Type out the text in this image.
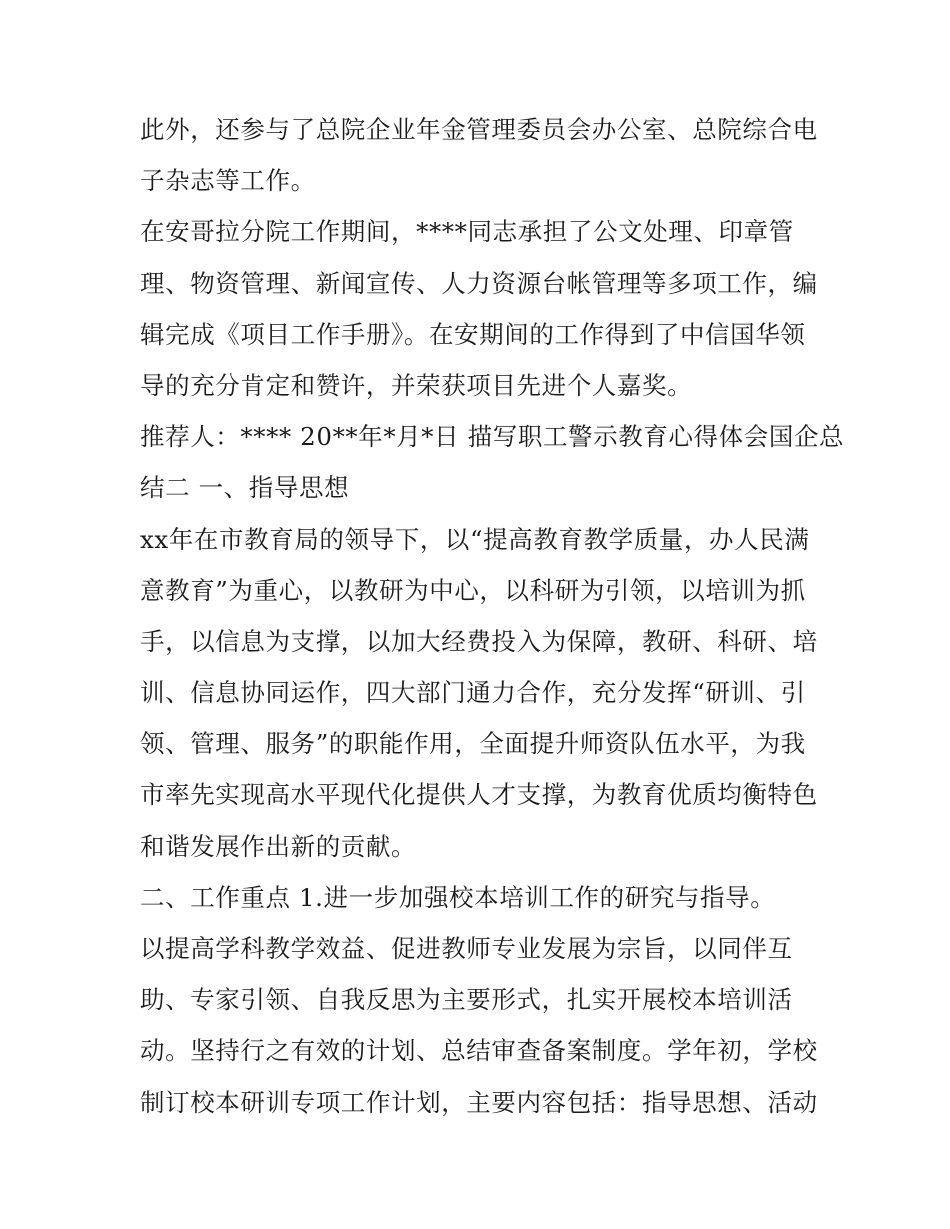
此外，还参与了总院企业年金管理委员会办公室、总院综合电
子杂志等工作。
在安哥拉分院工作期间，****同志承担了公文处理、印章管
理、物资管理、新闻宣传、人力资源台帐管理等多项工作，编
辑完成《项目工作手册》。在安期间的工作得到了中信国华领
导的充分肯定和赞许，并荣获项目先进个人嘉奖。
推荐人：**** 20**年*月*日 描写职工警示教育心得体会国企总
结二 一、指导思想
xx年在市教育局的领导下，以“提高教育教学质量，办人民满
意教育”为重心，以教研为中心，以科研为引领，以培训为抓
手，以信息为支撑，以加大经费投入为保障，教研、科研、培
训、信息协同运作，四大部门通力合作，充分发挥“研训、引
领、管理、服务”的职能作用，全面提升师资队伍水平，为我
市率先实现高水平现代化提供人才支撑，为教育优质均衡特色
和谐发展作出新的贡献。
二、工作重点 1.进一步加强校本培训工作的研究与指导。
以提高学科教学效益、促进教师专业发展为宗旨，以同伴互
助、专家引领、自我反思为主要形式，扎实开展校本培训活
动。坚持行之有效的计划、总结审查备案制度。学年初，学校
制订校本研训专项工作计划，主要内容包括：指导思想、活动
